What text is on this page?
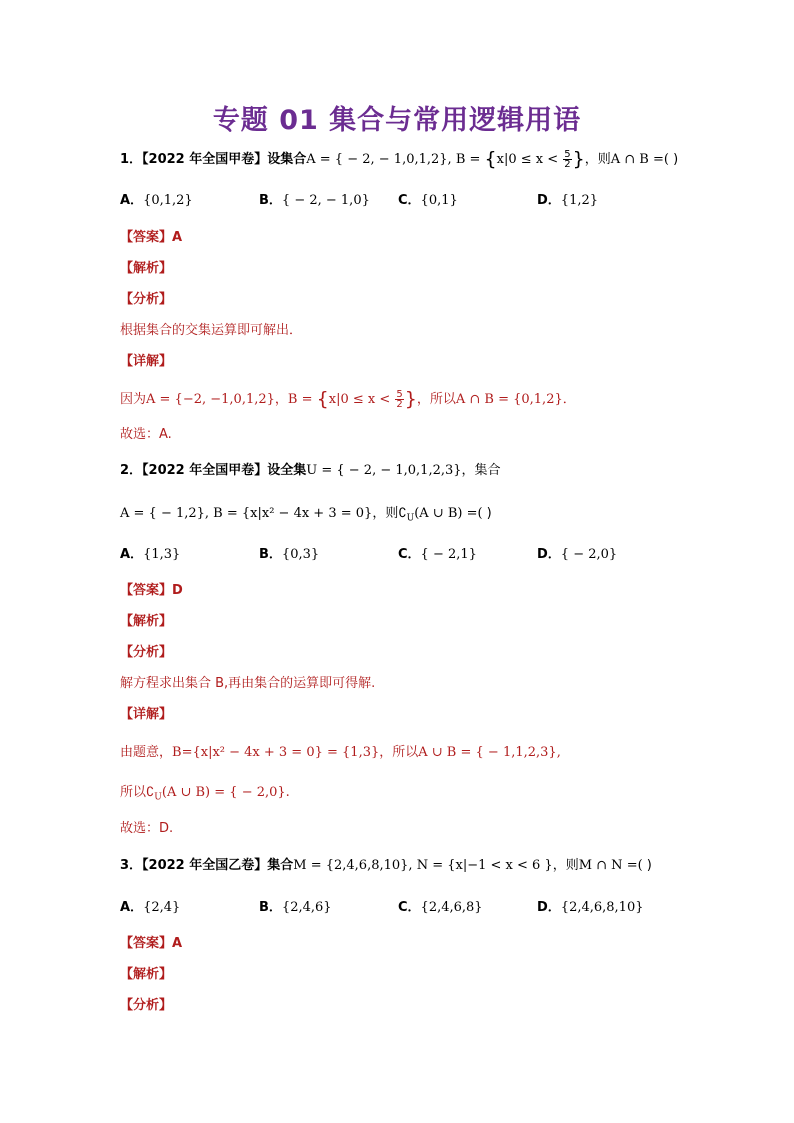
专题 01 集合与常用逻辑用语
1．【2022 年全国甲卷】设集合A = { − 2, − 1,0,1,2}, $B = \{x|0 \le x < \frac{5}{2}$ }，则A ∩ B =( )
A．{0,1,2}	B．{ − 2, − 1,0} C．{0,1}	D．{1,2}
【答案】A
【解析】
【分析】
根据集合的交集运算即可解出．
【详解】
因为A = {−2, −1,0,1,2}，$B = \{x|0 \le x < \frac{5}{2}$ }，所以A ∩ B = {0,1,2}．
故选：A.
2．【2022 年全国甲卷】设全集U = { − 2, − 1,0,1,2,3}，集合
A = { − 1,2}, B = {x|x² − 4x + 3 = 0}，则$∁_U(A$ ∪ B) =( )
A．{1,3}	B．{0,3}	C．{ − 2,1}	D．{ − 2,0}
【答案】D
【解析】
【分析】
解方程求出集合 B,再由集合的运算即可得解.
【详解】
由题意，B={x|x² − 4x + 3 = 0} = {1,3}，所以A ∪ B = { − 1,1,2,3},
所以$∁_U(A$ ∪ B) = { − 2,0}.
故选：D.
3．【2022 年全国乙卷】集合M = {2,4,6,8,10}, N = {x|−1 < x < 6 }，则M ∩ N =( )
A．{2,4}	B．{2,4,6}	C．{2,4,6,8}	D．{2,4,6,8,10}
【答案】A
【解析】
【分析】
